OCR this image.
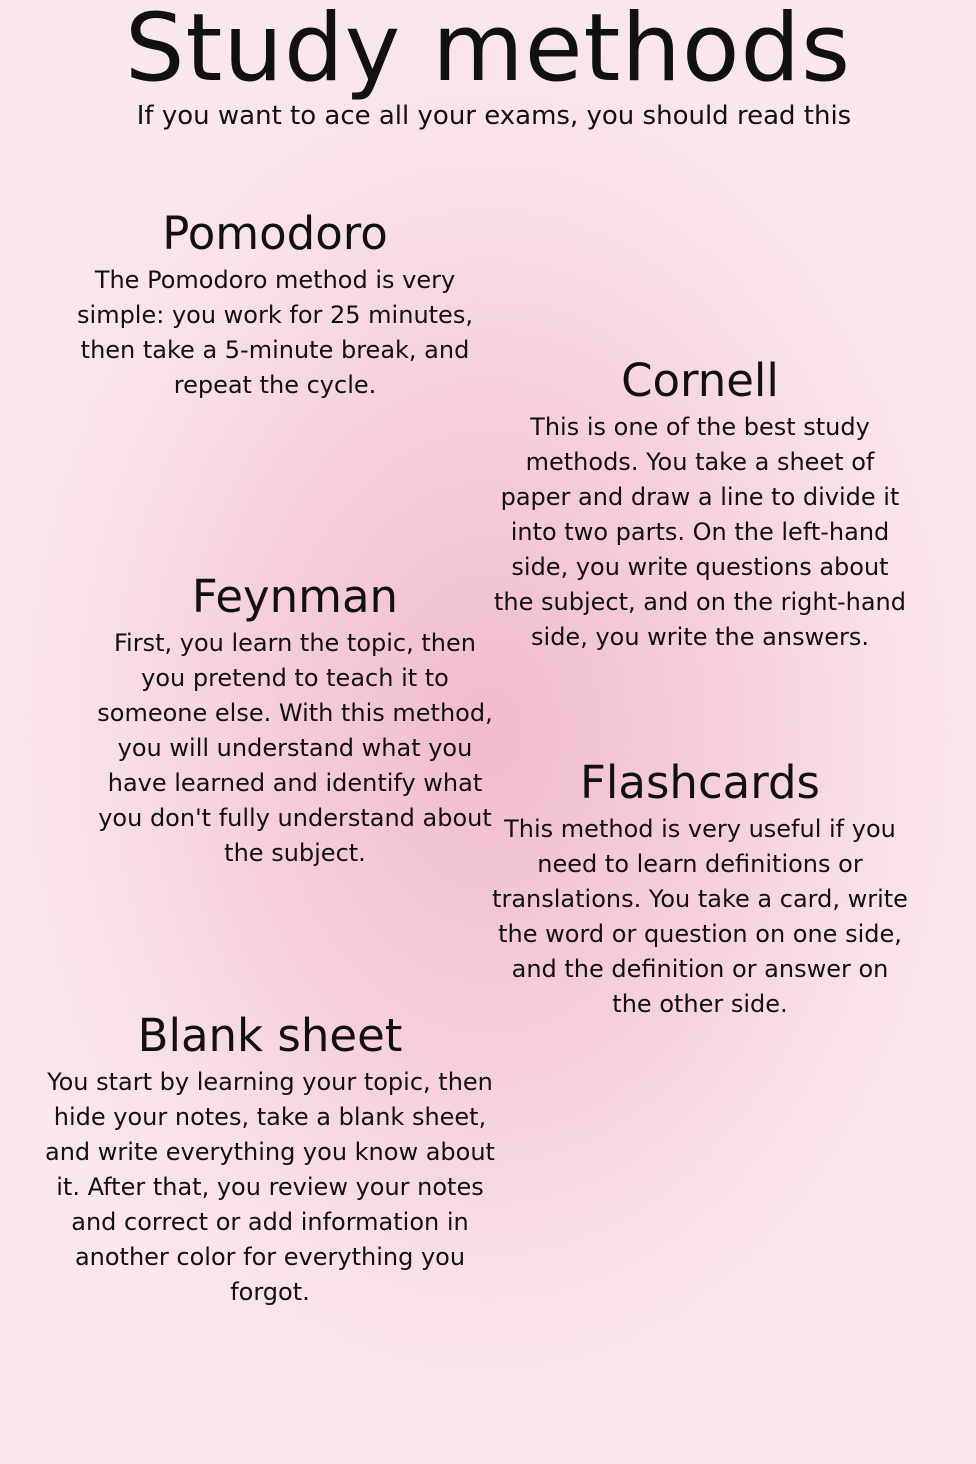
Study methods
If you want to ace all your exams, you should read this
Pomodoro

The Pomodoro method is very
simple: you work for 25 minutes,
then take a 5-minute break, and
repeat the cycle.	Cornell

This is one of the best study
methods. You take a sheet of
paper and draw a line to divide it
into two parts. On the left-hand
side, you write questions about
the subject, and on the right-hand
side, you write the answers.

Feynman

First, you learn the topic, then
you pretend to teach it to
someone else. With this method,
you will understand what you
have learned and identify what
you don't fully understand about
the subject.

Flashcards

This method is very useful if you
need to learn definitions or
translations. You take a card, write
the word or question on one side,
and the definition or answer on
the other side.

Blank sheet

You start by learning your topic, then
hide your notes, take a blank sheet,
and write everything you know about
it. After that, you review your notes
and correct or add information in
another color for everything you
forgot.
